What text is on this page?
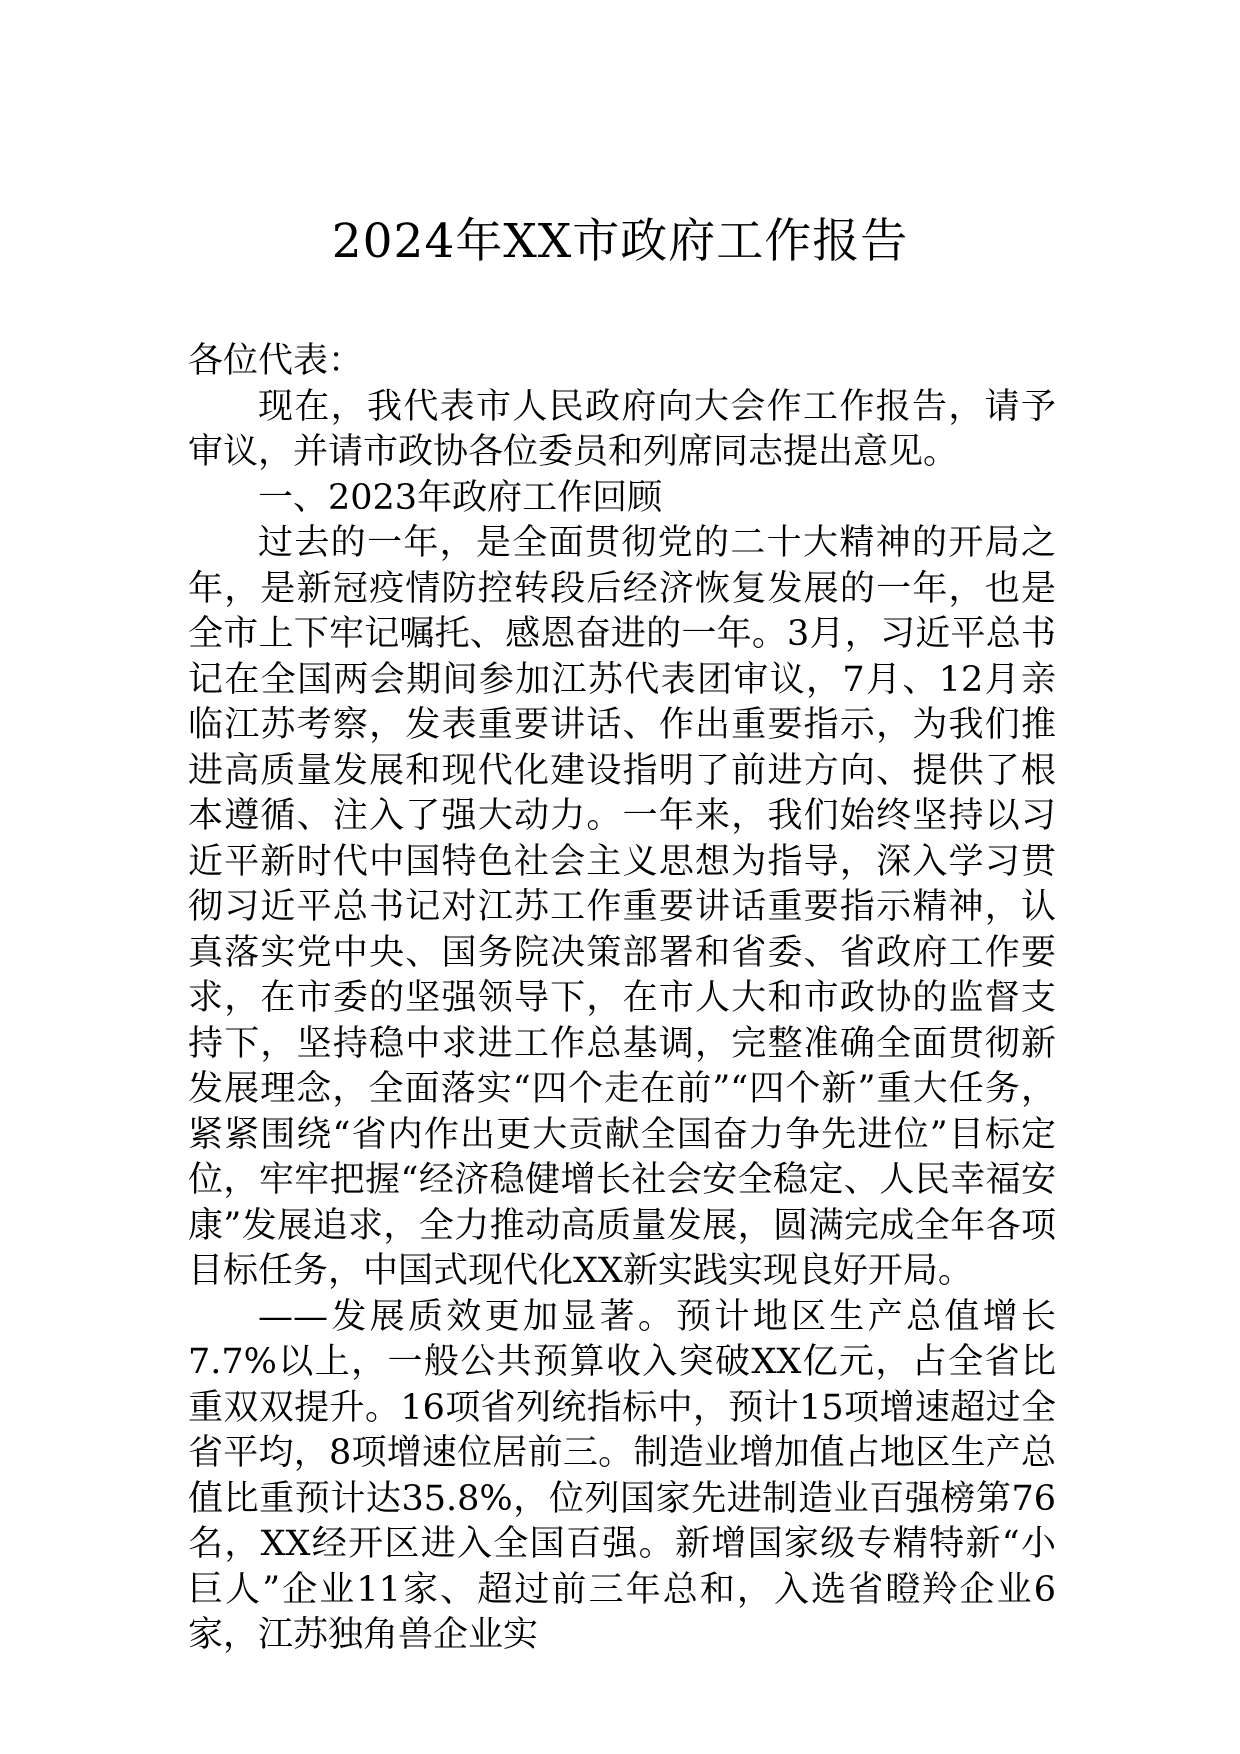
2024年XX市政府工作报告

各位代表：

现在，我代表市人民政府向大会作工作报告，请予审议，并请市政协各位委员和列席同志提出意见。

一、2023年政府工作回顾

过去的一年，是全面贯彻党的二十大精神的开局之年，是新冠疫情防控转段后经济恢复发展的一年，也是全市上下牢记嘱托、感恩奋进的一年。3月，习近平总书记在全国两会期间参加江苏代表团审议，7月、12月亲临江苏考察，发表重要讲话、作出重要指示，为我们推进高质量发展和现代化建设指明了前进方向、提供了根本遵循、注入了强大动力。一年来，我们始终坚持以习近平新时代中国特色社会主义思想为指导，深入学习贯彻习近平总书记对江苏工作重要讲话重要指示精神，认真落实党中央、国务院决策部署和省委、省政府工作要求，在市委的坚强领导下，在市人大和市政协的监督支持下，坚持稳中求进工作总基调，完整准确全面贯彻新发展理念，全面落实“四个走在前”“四个新”重大任务，紧紧围绕“省内作出更大贡献全国奋力争先进位”目标定位，牢牢把握“经济稳健增长社会安全稳定、人民幸福安康”发展追求，全力推动高质量发展，圆满完成全年各项目标任务，中国式现代化XX新实践实现良好开局。

——发展质效更加显著。预计地区生产总值增长7.7%以上，一般公共预算收入突破XX亿元，占全省比重双双提升。16项省列统指标中，预计15项增速超过全省平均，8项增速位居前三。制造业增加值占地区生产总值比重预计达35.8%，位列国家先进制造业百强榜第76名，XX经开区进入全国百强。新增国家级专精特新“小巨人”企业11家、超过前三年总和，入选省瞪羚企业6家，江苏独角兽企业实
